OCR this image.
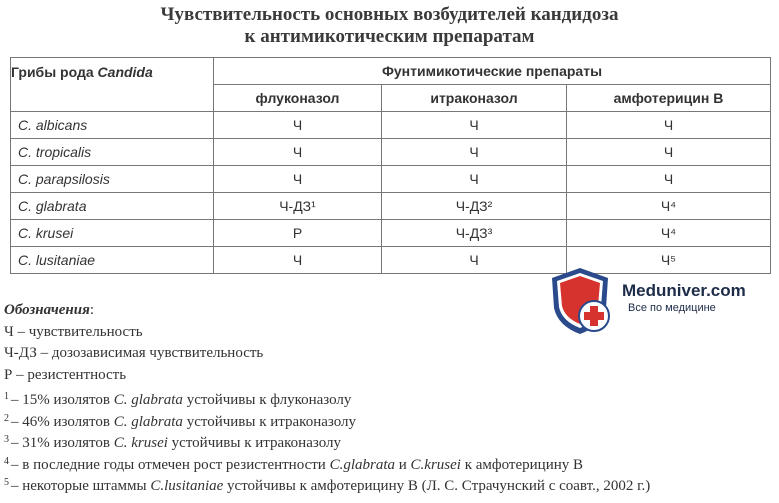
Чувствительность основных возбудителей кандидоза
к антимикотическим препаратам
Грибы рода Candida	Фунтимикотические препараты		
	флуконазол	итраконазол	амфотерицин В
C. albicans	Ч	Ч	Ч
C. tropicalis	Ч	Ч	Ч
C. parapsilosis	Ч	Ч	Ч
C. glabrata	Ч-ДЗ¹	Ч-ДЗ²	Ч⁴
C. krusei	Р	Ч-ДЗ³	Ч⁴
C. lusitaniae	Ч	Ч	Ч⁵
Meduniver.com
Все по медицине
Обозначения:
Ч – чувствительность
Ч-ДЗ – дозозависимая чувствительность
Р – резистентность
$^1$ – 15% изолятов C. glabrata устойчивы к флуконазолу
$^2$ – 46% изолятов C. glabrata устойчивы к итраконазолу
$^3$ – 31% изолятов C. krusei устойчивы к итраконазолу
$^4$ – в последние годы отмечен рост резистентности C.glabrata и C.krusei к амфотерицину В
$^5$ – некоторые штаммы C.lusitaniae устойчивы к амфотерицину В (Л. С. Страчунский с соавт., 2002 г.)
